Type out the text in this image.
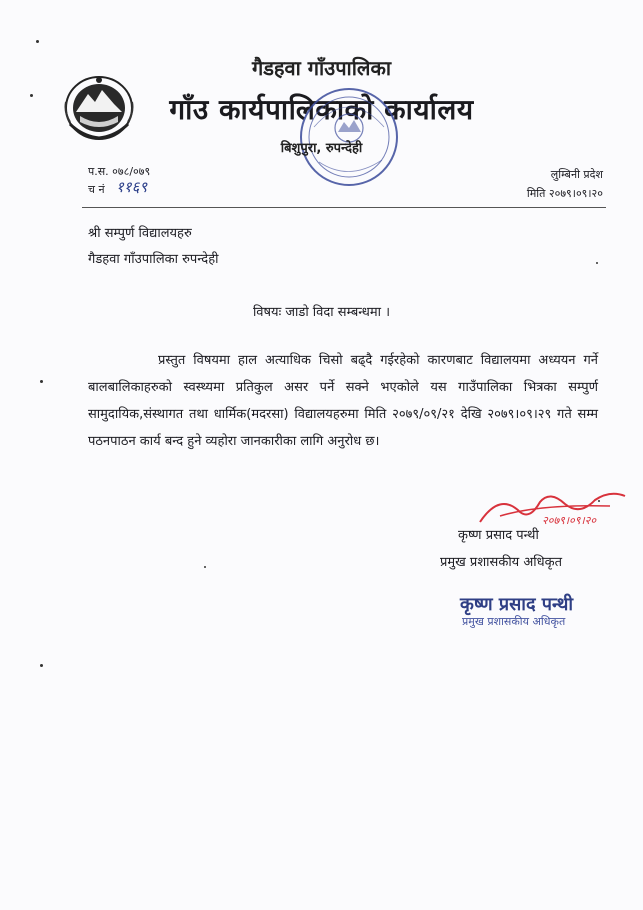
गैडहवा गाँउपालिका
गाँउ कार्यपालिकाको कार्यालय
बिशुपुरा, रुपन्देही
प.स. ०७८/०७९
च नं ११६९
लुम्बिनी प्रदेश
मिति २०७९।०९।२०
श्री सम्पुर्ण विद्यालयहरु
गैडहवा गाँउपालिका रुपन्देही
विषयः जाडो विदा सम्बन्धमा ।

प्रस्तुत विषयमा हाल अत्याधिक चिसो बढ्दै गईरहेको कारणबाट विद्यालयमा अध्ययन गर्ने बालबालिकाहरुको स्वस्थ्यमा प्रतिकुल असर पर्ने सक्ने भएकोले यस गाउँपालिका भित्रका सम्पुर्ण सामुदायिक,संस्थागत तथा धार्मिक(मदरसा) विद्यालयहरुमा मिति २०७९/०९/२१ देखि २०७९।०९।२९ गते सम्म पठनपाठन कार्य बन्द हुने व्यहोरा जानकारीका लागि अनुरोध छ।

२०७९।०९।२०
कृष्ण प्रसाद पन्थी
प्रमुख प्रशासकीय अधिकृत
कृष्ण प्रसाद पन्थी
प्रमुख प्रशासकीय अधिकृत
